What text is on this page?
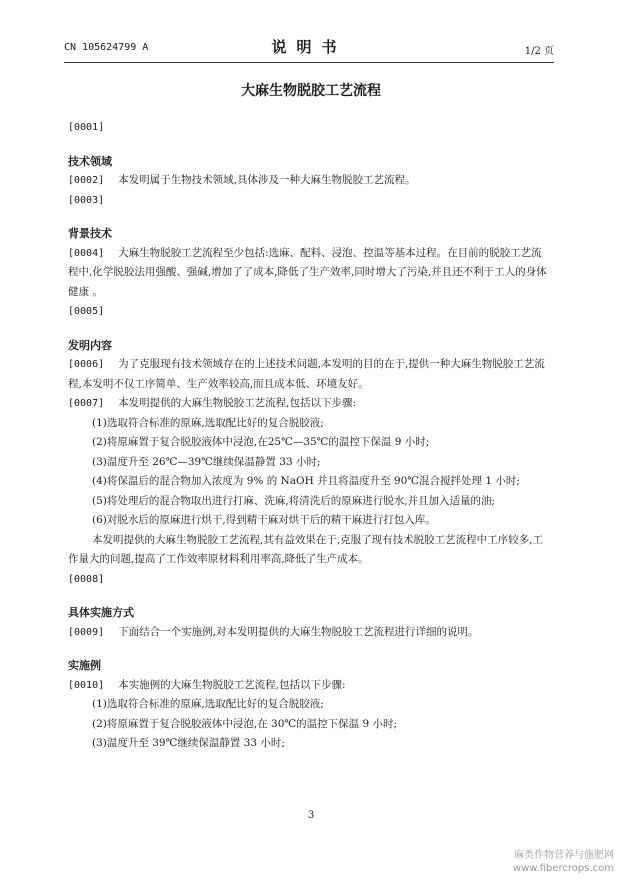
CN 105624799 A	说明书	1/2 页
大麻生物脱胶工艺流程
[0001]
技术领域
[0002] 本发明属于生物技术领域,具体涉及一种大麻生物脱胶工艺流程。
[0003]
背景技术
[0004] 大麻生物脱胶工艺流程至少包括:选麻、配料、浸泡、控温等基本过程。在目前的脱胶工艺流程中,化学脱胶法用强酸、强碱,增加了了成本,降低了生产效率,同时增大了污染,并且还不利于工人的身体健康 。
[0005]
发明内容
[0006] 为了克服现有技术领域存在的上述技术问题,本发明的目的在于,提供一种大麻生物脱胶工艺流程,本发明不仅工序简单、生产效率较高,而且成本低、环境友好。
[0007] 本发明提供的大麻生物脱胶工艺流程,包括以下步骤:
(1)选取符合标准的原麻,选取配比好的复合脱胶液;
(2)将原麻置于复合脱胶液体中浸泡,在25℃—35℃的温控下保温 9 小时;
(3)温度升至 26℃—39℃继续保温静置 33 小时;
(4)将保温后的混合物加入浓度为 9% 的 NaOH 并且将温度升至 90℃混合搅拌处理 1 小时;
(5)将处理后的混合物取出进行打麻、洗麻,将清洗后的原麻进行脱水,并且加入适量的油;
(6)对脱水后的原麻进行烘干,得到精干麻对烘干后的精干麻进行打包入库。
本发明提供的大麻生物脱胶工艺流程,其有益效果在于,克服了现有技术脱胶工艺流程中工序较多,工作量大的问题,提高了工作效率原材料利用率高,降低了生产成本。
[0008]
具体实施方式
[0009] 下面结合一个实施例,对本发明提供的大麻生物脱胶工艺流程进行详细的说明。
实施例
[0010] 本实施例的大麻生物脱胶工艺流程,包括以下步骤:
(1)选取符合标准的原麻,选取配比好的复合脱胶液;
(2)将原麻置于复合脱胶液体中浸泡,在 30℃的温控下保温 9 小时;
(3)温度升至 39℃继续保温静置 33 小时;
3
麻类作物营养与施肥网
www.fibercrops.com
